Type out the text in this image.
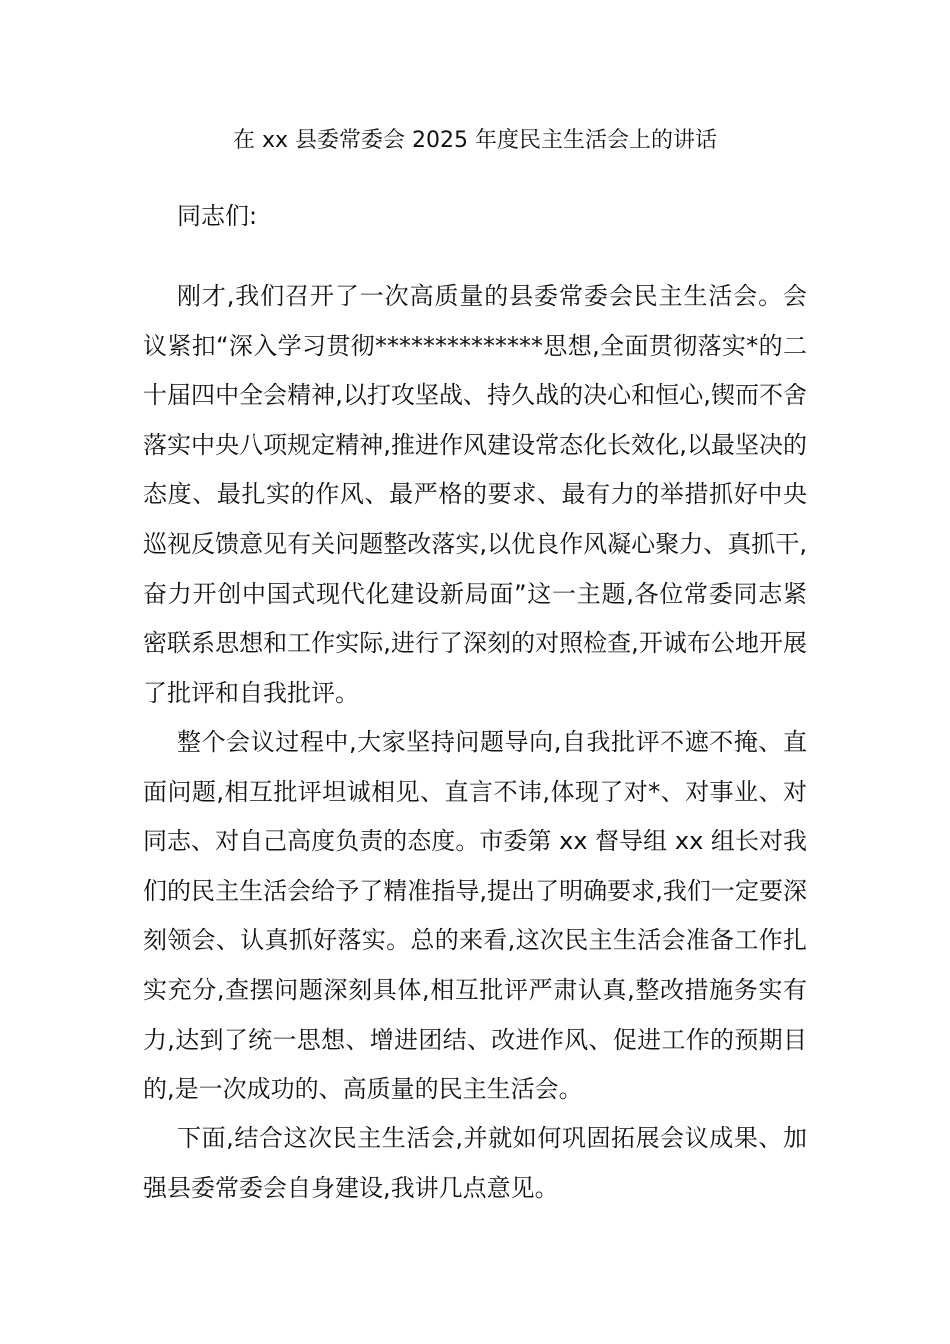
在 xx 县委常委会 2025 年度民主生活会上的讲话

同志们:

刚才,我们召开了一次高质量的县委常委会民主生活会。会议紧扣“深入学习贯彻**************思想,全面贯彻落实*的二十届四中全会精神,以打攻坚战、持久战的决心和恒心,锲而不舍落实中央八项规定精神,推进作风建设常态化长效化,以最坚决的态度、最扎实的作风、最严格的要求、最有力的举措抓好中央巡视反馈意见有关问题整改落实,以优良作风凝心聚力、真抓干,奋力开创中国式现代化建设新局面”这一主题,各位常委同志紧密联系思想和工作实际,进行了深刻的对照检查,开诚布公地开展了批评和自我批评。

整个会议过程中,大家坚持问题导向,自我批评不遮不掩、直面问题,相互批评坦诚相见、直言不讳,体现了对*、对事业、对同志、对自己高度负责的态度。市委第 xx 督导组 xx 组长对我们的民主生活会给予了精准指导,提出了明确要求,我们一定要深刻领会、认真抓好落实。总的来看,这次民主生活会准备工作扎实充分,查摆问题深刻具体,相互批评严肃认真,整改措施务实有力,达到了统一思想、增进团结、改进作风、促进工作的预期目的,是一次成功的、高质量的民主生活会。

下面,结合这次民主生活会,并就如何巩固拓展会议成果、加强县委常委会自身建设,我讲几点意见。
